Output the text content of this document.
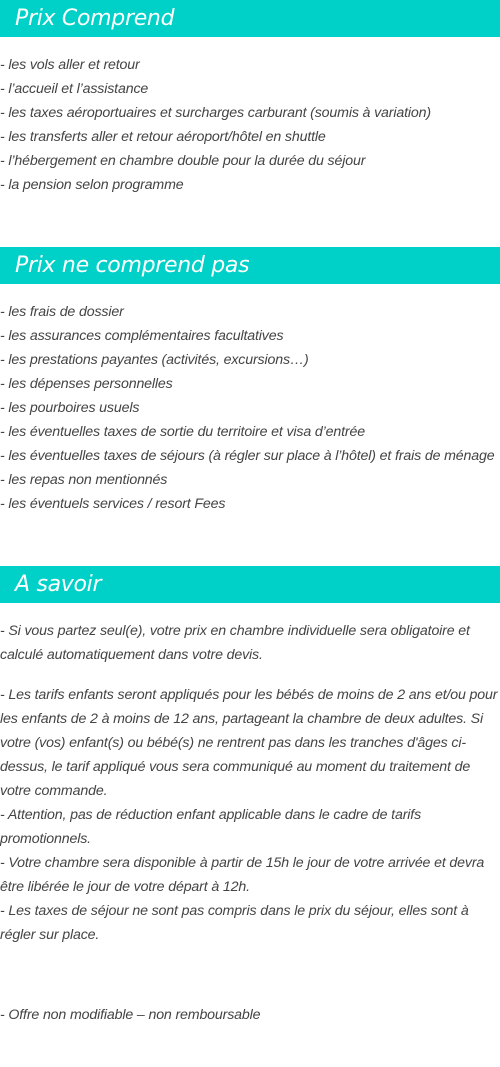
Prix Comprend
- les vols aller et retour
- l’accueil et l’assistance
- les taxes aéroportuaires et surcharges carburant (soumis à variation)
- les transferts aller et retour aéroport/hôtel en shuttle
- l’hébergement en chambre double pour la durée du séjour
- la pension selon programme
Prix ne comprend pas
- les frais de dossier
- les assurances complémentaires facultatives
- les prestations payantes (activités, excursions…)
- les dépenses personnelles
- les pourboires usuels
- les éventuelles taxes de sortie du territoire et visa d’entrée
- les éventuelles taxes de séjours (à régler sur place à l’hôtel) et frais de ménage
- les repas non mentionnés
- les éventuels services / resort Fees
A savoir

- Si vous partez seul(e), votre prix en chambre individuelle sera obligatoire et calculé automatiquement dans votre devis.

- Les tarifs enfants seront appliqués pour les bébés de moins de 2 ans et/ou pour les enfants de 2 à moins de 12 ans, partageant la chambre de deux adultes. Si votre (vos) enfant(s) ou bébé(s) ne rentrent pas dans les tranches d'âges ci-dessus, le tarif appliqué vous sera communiqué au moment du traitement de votre commande.

- Attention, pas de réduction enfant applicable dans le cadre de tarifs promotionnels.

- Votre chambre sera disponible à partir de 15h le jour de votre arrivée et devra être libérée le jour de votre départ à 12h.

- Les taxes de séjour ne sont pas compris dans le prix du séjour, elles sont à régler sur place.

- Offre non modifiable – non remboursable
